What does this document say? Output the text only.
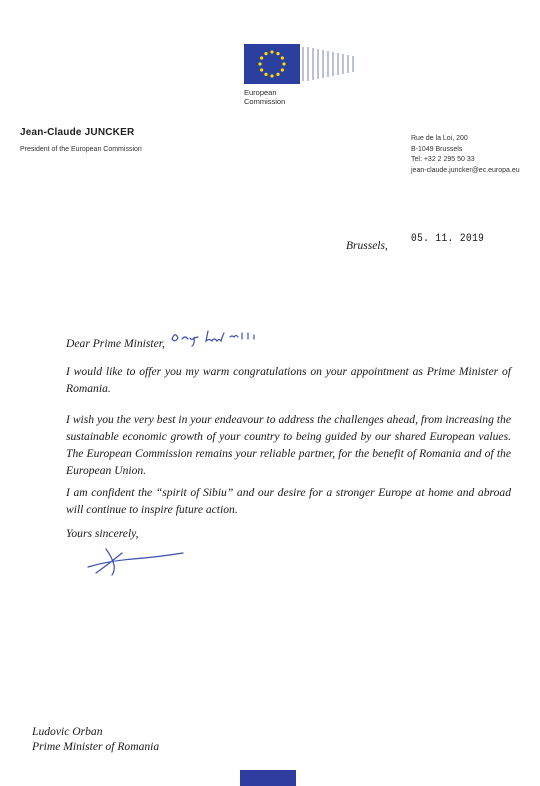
European
Commission
Jean-Claude JUNCKER
President of the European Commission
Rue de la Loi, 200
B-1049 Brussels
Tel: +32 2 295 50 33
jean-claude.juncker@ec.europa.eu
Brussels,
05. 11. 2019
Dear Prime Minister,
I would like to offer you my warm congratulations on your appointment as Prime Minister of Romania.
I wish you the very best in your endeavour to address the challenges ahead, from increasing the sustainable economic growth of your country to being guided by our shared European values. The European Commission remains your reliable partner, for the benefit of Romania and of the European Union.
I am confident the “spirit of Sibiu” and our desire for a stronger Europe at home and abroad will continue to inspire future action.
Yours sincerely,
Ludovic Orban
Prime Minister of Romania
